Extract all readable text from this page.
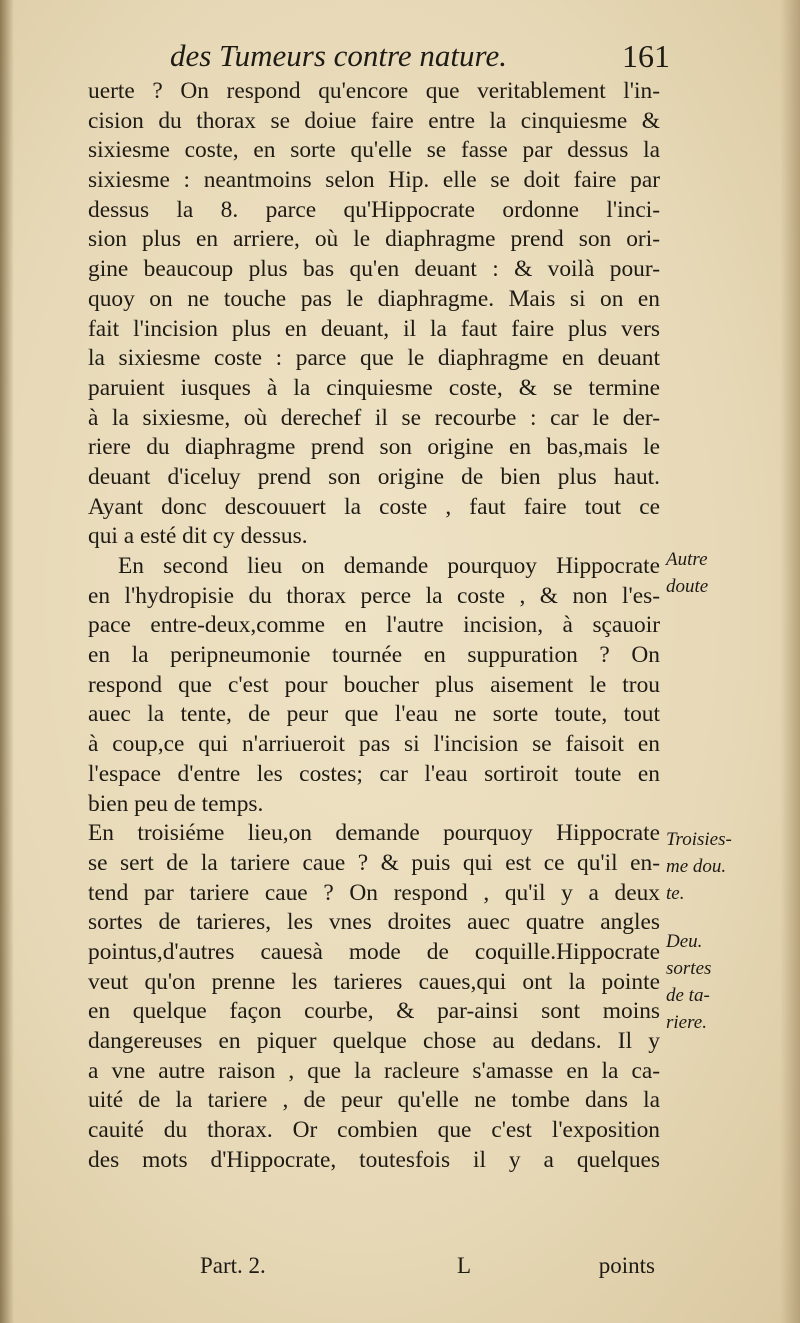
des Tumeurs contre nature.	161
uerte ? On respond qu'encore que veritablement l'in-
cision du thorax se doiue faire entre la cinquiesme &
sixiesme coste, en sorte qu'elle se fasse par dessus la
sixiesme : neantmoins selon Hip. elle se doit faire par
dessus la 8. parce qu'Hippocrate ordonne l'inci-
sion plus en arriere, où le diaphragme prend son ori-
gine beaucoup plus bas qu'en deuant : & voilà pour-
quoy on ne touche pas le diaphragme. Mais si on en
fait l'incision plus en deuant, il la faut faire plus vers
la sixiesme coste : parce que le diaphragme en deuant
paruient iusques à la cinquiesme coste, & se termine
à la sixiesme, où derechef il se recourbe : car le der-
riere du diaphragme prend son origine en bas,mais le
deuant d'iceluy prend son origine de bien plus haut.
Ayant donc descouuert la coste , faut faire tout ce
qui a esté dit cy dessus.
En second lieu on demande pourquoy Hippocrate
en l'hydropisie du thorax perce la coste , & non l'es-
pace entre-deux,comme en l'autre incision, à sçauoir
en la peripneumonie tournée en suppuration ? On
respond que c'est pour boucher plus aisement le trou
auec la tente, de peur que l'eau ne sorte toute, tout
à coup,ce qui n'arriueroit pas si l'incision se faisoit en
l'espace d'entre les costes; car l'eau sortiroit toute en
bien peu de temps.
En troisiéme lieu,on demande pourquoy Hippocrate
se sert de la tariere caue ? & puis qui est ce qu'il en-
tend par tariere caue ? On respond , qu'il y a deux
sortes de tarieres, les vnes droites auec quatre angles
pointus,d'autres cauesà mode de coquille.Hippocrate
veut qu'on prenne les tarieres caues,qui ont la pointe
en quelque façon courbe, & par-ainsi sont moins
dangereuses en piquer quelque chose au dedans. Il y
a vne autre raison , que la racleure s'amasse en la ca-
uité de la tariere , de peur qu'elle ne tombe dans la
cauité du thorax. Or combien que c'est l'exposition
des mots d'Hippocrate, toutesfois il y a quelques
Autre
doute
Troisies-
me dou.
te.
Deu.
sortes
de ta-
riere.
Part. 2.	L	points
